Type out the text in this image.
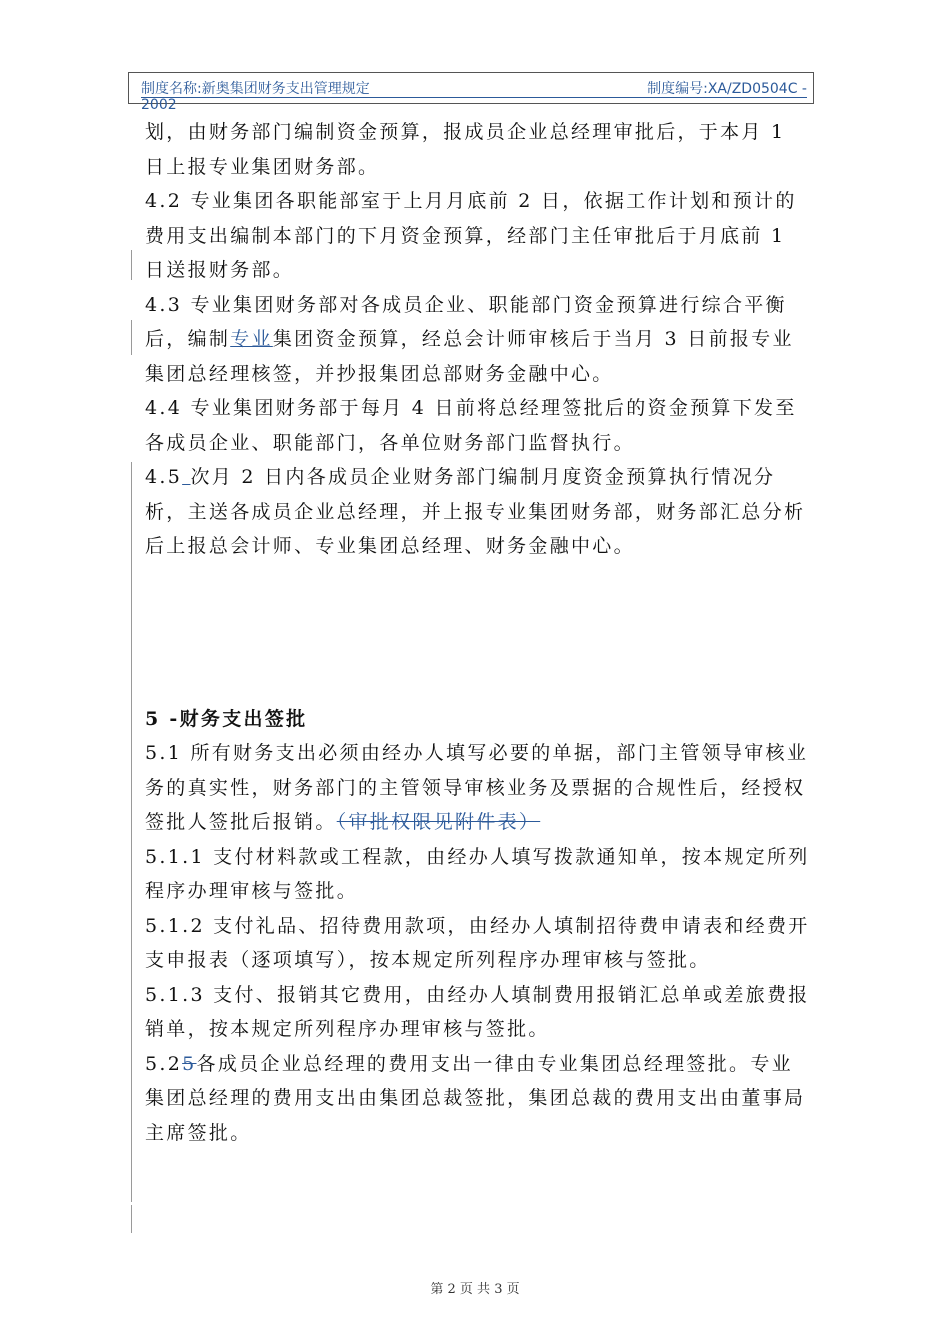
制度名称:新奥集团财务支出管理规定	制度编号:XA/ZD0504C -
2002

划，由财务部门编制资金预算，报成员企业总经理审批后，于本月 1 日上报专业集团财务部。

4.2 专业集团各职能部室于上月月底前 2 日，依据工作计划和预计的费用支出编制本部门的下月资金预算，经部门主任审批后于月底前 1 日送报财务部。

4.3 专业集团财务部对各成员企业、职能部门资金预算进行综合平衡后，编制专业集团资金预算，经总会计师审核后于当月 3 日前报专业集团总经理核签，并抄报集团总部财务金融中心。

4.4 专业集团财务部于每月 4 日前将总经理签批后的资金预算下发至各成员企业、职能部门，各单位财务部门监督执行。

4.5 次月 2 日内各成员企业财务部门编制月度资金预算执行情况分析，主送各成员企业总经理，并上报专业集团财务部，财务部汇总分析后上报总会计师、专业集团总经理、财务金融中心。

5 -财务支出签批

5.1 所有财务支出必须由经办人填写必要的单据，部门主管领导审核业务的真实性，财务部门的主管领导审核业务及票据的合规性后，经授权签批人签批后报销。（审批权限见附件表）

5.1.1 支付材料款或工程款，由经办人填写拨款通知单，按本规定所列程序办理审核与签批。

5.1.2 支付礼品、招待费用款项，由经办人填制招待费申请表和经费开支申报表（逐项填写），按本规定所列程序办理审核与签批。

5.1.3 支付、报销其它费用，由经办人填制费用报销汇总单或差旅费报销单，按本规定所列程序办理审核与签批。

5.25各成员企业总经理的费用支出一律由专业集团总经理签批。专业集团总经理的费用支出由集团总裁签批，集团总裁的费用支出由董事局主席签批。

第 2 页 共 3 页
